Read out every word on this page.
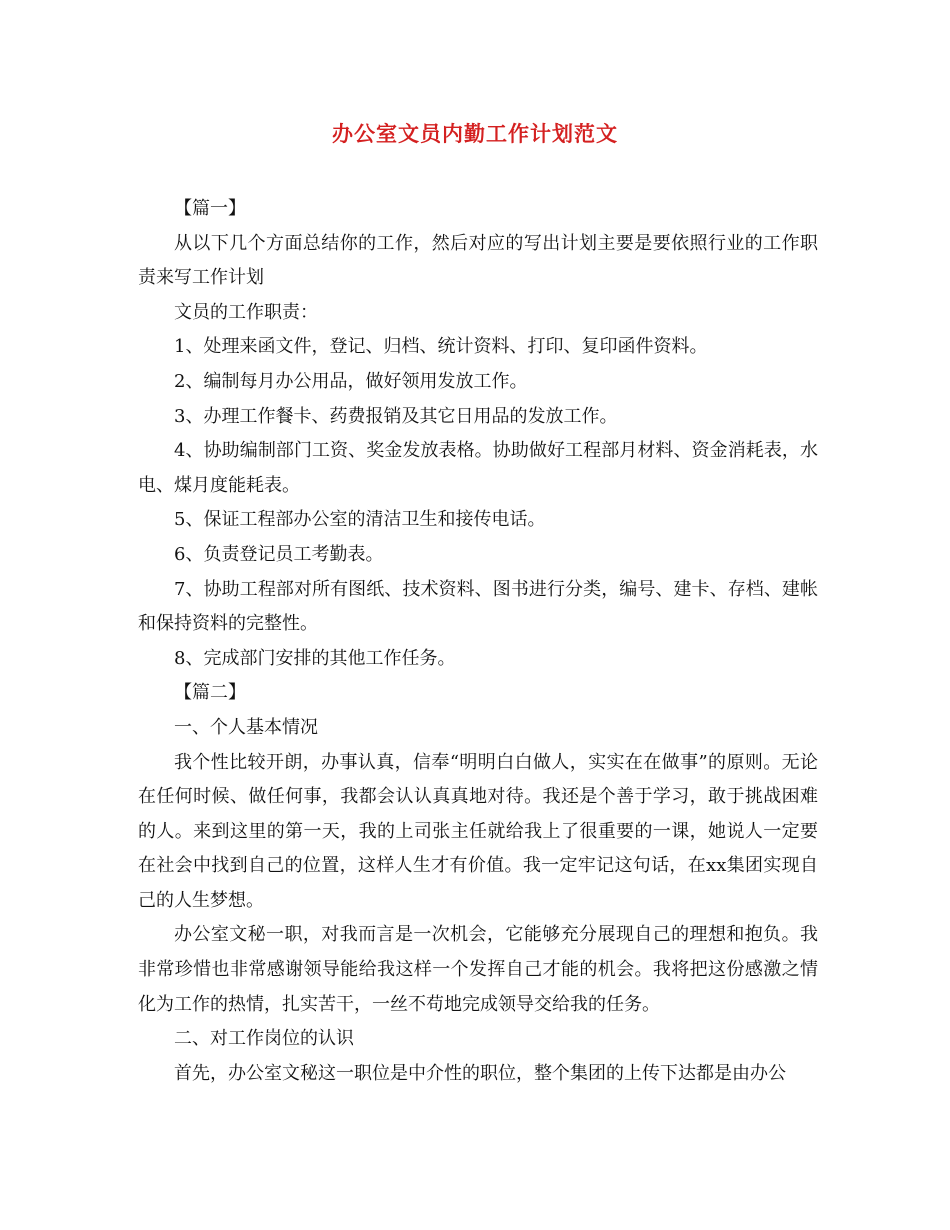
办公室文员内勤工作计划范文

【篇一】

从以下几个方面总结你的工作，然后对应的写出计划主要是要依照行业的工作职责来写工作计划

文员的工作职责：

1、处理来函文件，登记、归档、统计资料、打印、复印函件资料。

2、编制每月办公用品，做好领用发放工作。

3、办理工作餐卡、药费报销及其它日用品的发放工作。

4、协助编制部门工资、奖金发放表格。协助做好工程部月材料、资金消耗表，水电、煤月度能耗表。

5、保证工程部办公室的清洁卫生和接传电话。

6、负责登记员工考勤表。

7、协助工程部对所有图纸、技术资料、图书进行分类，编号、建卡、存档、建帐和保持资料的完整性。

8、完成部门安排的其他工作任务。

【篇二】

一、个人基本情况

我个性比较开朗，办事认真，信奉“明明白白做人，实实在在做事”的原则。无论在任何时候、做任何事，我都会认认真真地对待。我还是个善于学习，敢于挑战困难的人。来到这里的第一天，我的上司张主任就给我上了很重要的一课，她说人一定要在社会中找到自己的位置，这样人生才有价值。我一定牢记这句话，在xx集团实现自己的人生梦想。

办公室文秘一职，对我而言是一次机会，它能够充分展现自己的理想和抱负。我非常珍惜也非常感谢领导能给我这样一个发挥自己才能的机会。我将把这份感激之情化为工作的热情，扎实苦干，一丝不苟地完成领导交给我的任务。

二、对工作岗位的认识

首先，办公室文秘这一职位是中介性的职位，整个集团的上传下达都是由办公
